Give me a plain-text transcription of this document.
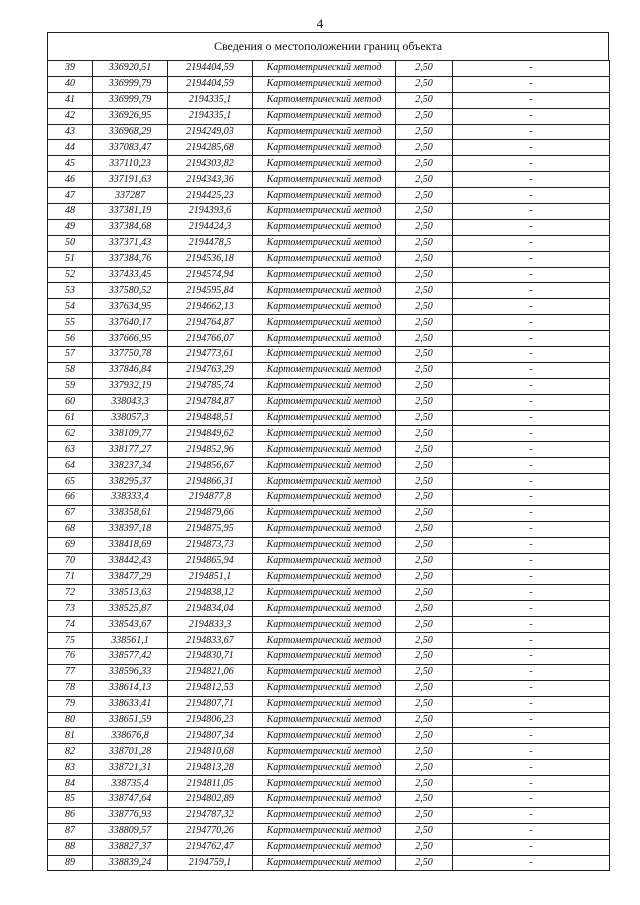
4
Сведения о местоположении границ объекта
39	336920,51	2194404,59	Картометрический метод	2,50	-
40	336999,79	2194404,59	Картометрический метод	2,50	-
41	336999,79	2194335,1	Картометрический метод	2,50	-
42	336926,95	2194335,1	Картометрический метод	2,50	-
43	336968,29	2194249,03	Картометрический метод	2,50	-
44	337083,47	2194285,68	Картометрический метод	2,50	-
45	337110,23	2194303,82	Картометрический метод	2,50	-
46	337191,63	2194343,36	Картометрический метод	2,50	-
47	337287	2194425,23	Картометрический метод	2,50	-
48	337381,19	2194393,6	Картометрический метод	2,50	-
49	337384,68	2194424,3	Картометрический метод	2,50	-
50	337371,43	2194478,5	Картометрический метод	2,50	-
51	337384,76	2194536,18	Картометрический метод	2,50	-
52	337433,45	2194574,94	Картометрический метод	2,50	-
53	337580,52	2194595,84	Картометрический метод	2,50	-
54	337634,95	2194662,13	Картометрический метод	2,50	-
55	337640,17	2194764,87	Картометрический метод	2,50	-
56	337666,95	2194766,07	Картометрический метод	2,50	-
57	337750,78	2194773,61	Картометрический метод	2,50	-
58	337846,84	2194763,29	Картометрический метод	2,50	-
59	337932,19	2194785,74	Картометрический метод	2,50	-
60	338043,3	2194784,87	Картометрический метод	2,50	-
61	338057,3	2194848,51	Картометрический метод	2,50	-
62	338109,77	2194849,62	Картометрический метод	2,50	-
63	338177,27	2194852,96	Картометрический метод	2,50	-
64	338237,34	2194856,67	Картометрический метод	2,50	-
65	338295,37	2194866,31	Картометрический метод	2,50	-
66	338333,4	2194877,8	Картометрический метод	2,50	-
67	338358,61	2194879,66	Картометрический метод	2,50	-
68	338397,18	2194875,95	Картометрический метод	2,50	-
69	338418,69	2194873,73	Картометрический метод	2,50	-
70	338442,43	2194865,94	Картометрический метод	2,50	-
71	338477,29	2194851,1	Картометрический метод	2,50	-
72	338513,63	2194838,12	Картометрический метод	2,50	-
73	338525,87	2194834,04	Картометрический метод	2,50	-
74	338543,67	2194833,3	Картометрический метод	2,50	-
75	338561,1	2194833,67	Картометрический метод	2,50	-
76	338577,42	2194830,71	Картометрический метод	2,50	-
77	338596,33	2194821,06	Картометрический метод	2,50	-
78	338614,13	2194812,53	Картометрический метод	2,50	-
79	338633,41	2194807,71	Картометрический метод	2,50	-
80	338651,59	2194806,23	Картометрический метод	2,50	-
81	338676,8	2194807,34	Картометрический метод	2,50	-
82	338701,28	2194810,68	Картометрический метод	2,50	-
83	338721,31	2194813,28	Картометрический метод	2,50	-
84	338735,4	2194811,05	Картометрический метод	2,50	-
85	338747,64	2194802,89	Картометрический метод	2,50	-
86	338776,93	2194787,32	Картометрический метод	2,50	-
87	338809,57	2194770,26	Картометрический метод	2,50	-
88	338827,37	2194762,47	Картометрический метод	2,50	-
89	338839,24	2194759,1	Картометрический метод	2,50	-
